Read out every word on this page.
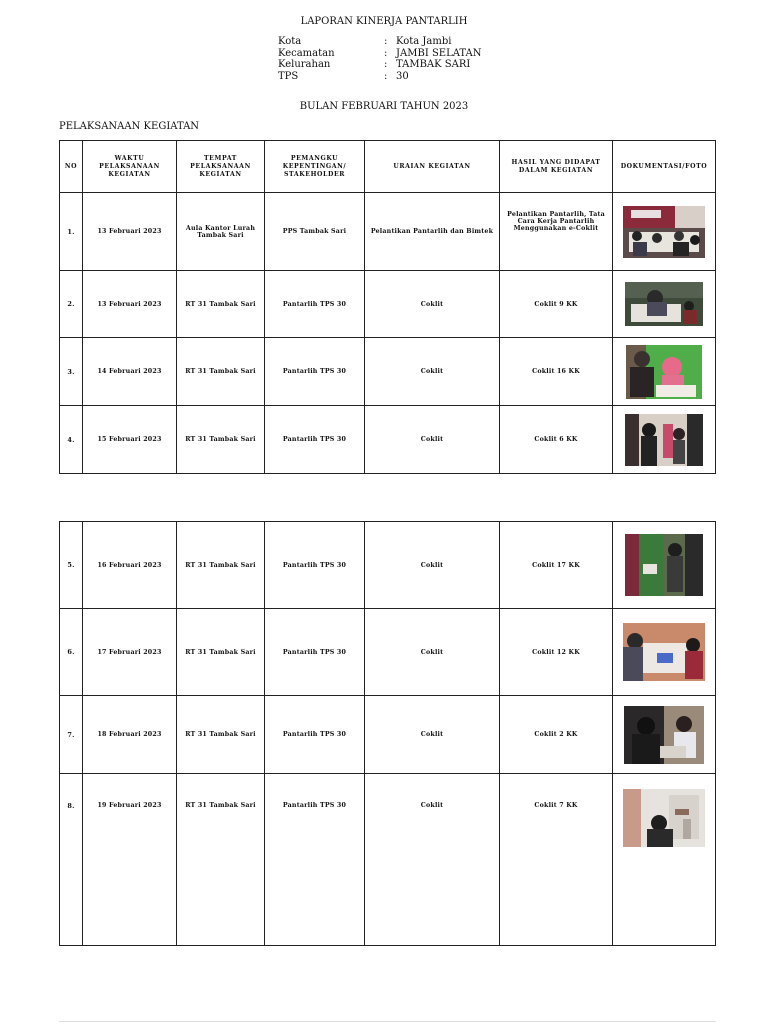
LAPORAN KINERJA PANTARLIH
Kota	: Kota Jambi
Kecamatan	: JAMBI SELATAN
Kelurahan	: TAMBAK SARI
TPS	: 30
BULAN FEBRUARI TAHUN 2023
PELAKSANAAN KEGIATAN
NO	WAKTU PELAKSANAAN KEGIATAN	TEMPAT PELAKSANAAN KEGIATAN	PEMANGKU KEPENTINGAN/ STAKEHOLDER	URAIAN KEGIATAN	HASIL YANG DIDAPAT DALAM KEGIATAN	DOKUMENTASI/FOTO
1.	13 Februari 2023	Aula Kantor Lurah Tambak Sari	PPS Tambak Sari	Pelantikan Pantarlih dan Bimtek	Pelantikan Pantarlih, Tata Cara Kerja Pantarlih Menggunakan e-Coklit	

2.	13 Februari 2023	RT 31 Tambak Sari	Pantarlih TPS 30	Coklit	Coklit 9 KK	

3.	14 Februari 2023	RT 31 Tambak Sari	Pantarlih TPS 30	Coklit	Coklit 16 KK	

4.	15 Februari 2023	RT 31 Tambak Sari	Pantarlih TPS 30	Coklit	Coklit 6 KK	
5.	16 Februari 2023	RT 31 Tambak Sari	Pantarlih TPS 30	Coklit	Coklit 17 KK	

6.	17 Februari 2023	RT 31 Tambak Sari	Pantarlih TPS 30	Coklit	Coklit 12 KK	

7.	18 Februari 2023	RT 31 Tambak Sari	Pantarlih TPS 30	Coklit	Coklit 2 KK	

8.	19 Februari 2023	RT 31 Tambak Sari	Pantarlih TPS 30	Coklit	Coklit 7 KK	
